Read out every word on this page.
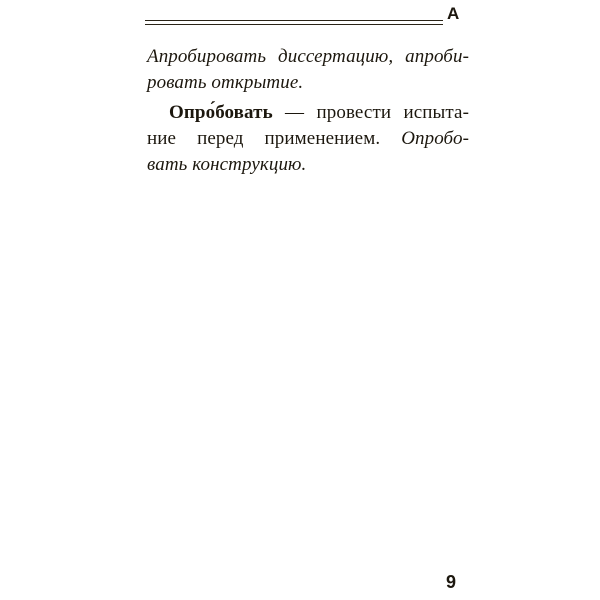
А
Апробировать диссертацию, апроби-
ровать открытие.
Опро́бовать — провести испыта-
ние перед применением. Опробо-
вать конструкцию.
9
